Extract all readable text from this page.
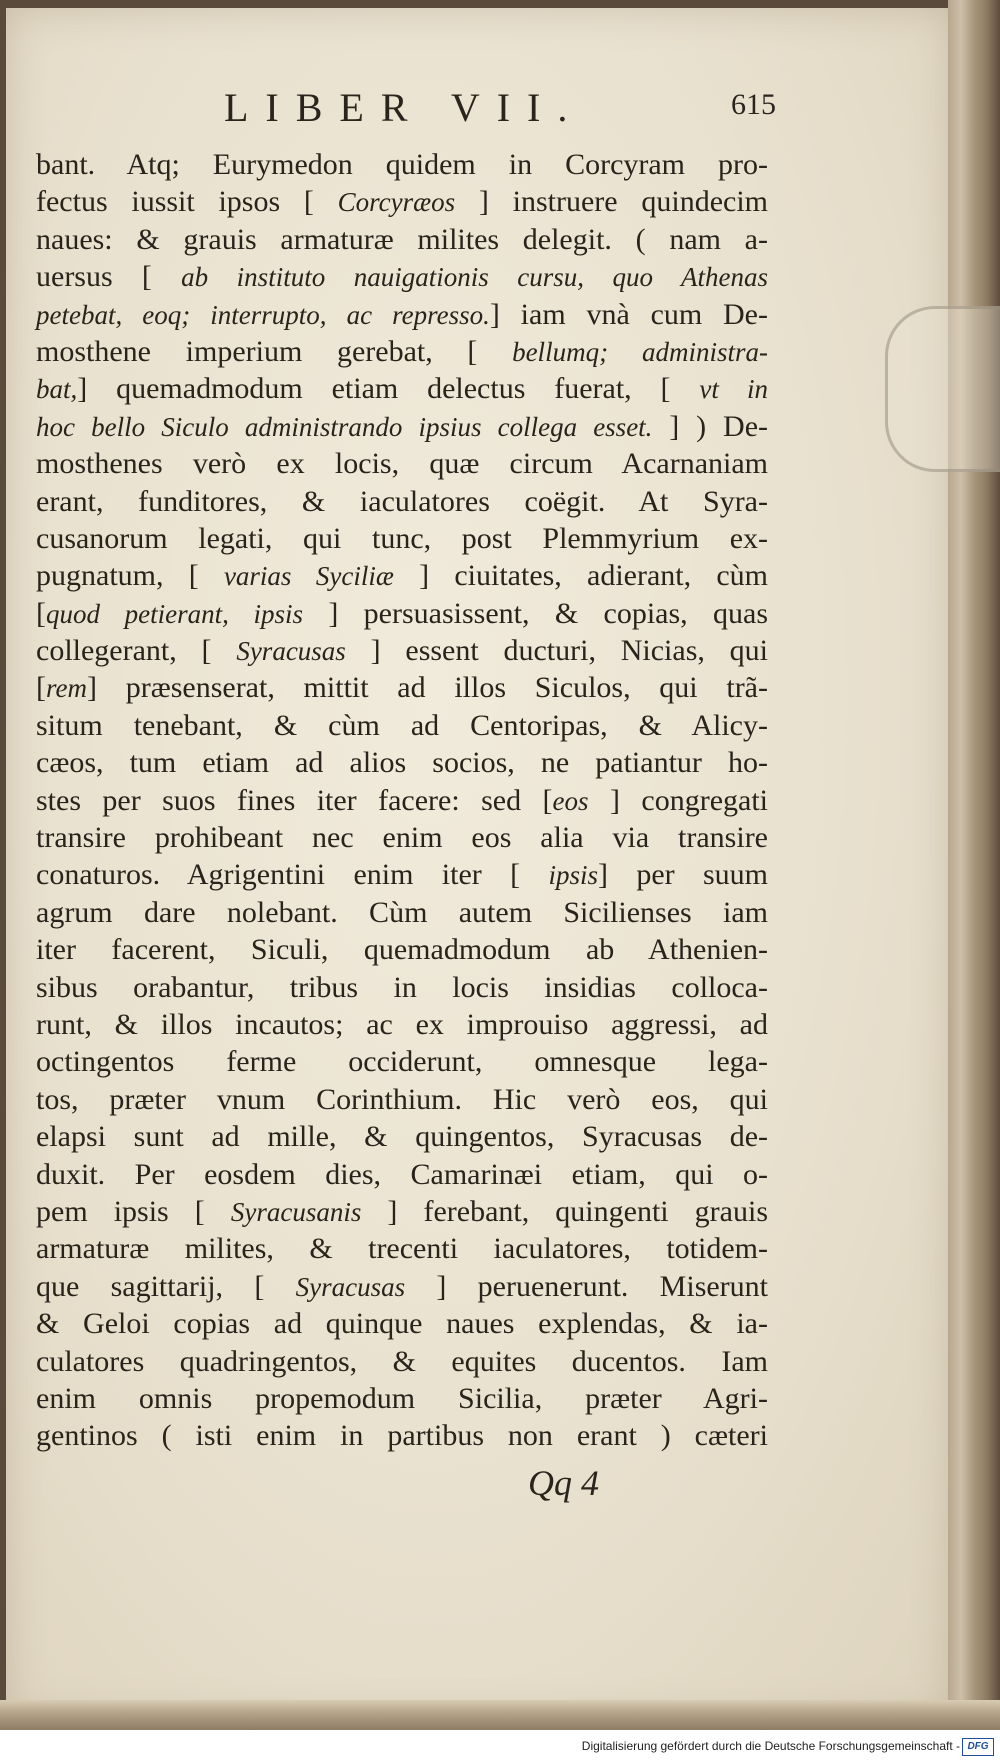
LIBER VII.	615
bant. Atq; Eurymedon quidem in Corcyram pro-
fectus iussit ipsos [ Corcyræos ] instruere quindecim
naues: & grauis armaturæ milites delegit. ( nam a-
uersus [ ab instituto nauigationis cursu, quo Athenas
petebat, eoq; interrupto, ac represso.] iam vnà cum De-
mosthene imperium gerebat, [ bellumq; administra-
bat,] quemadmodum etiam delectus fuerat, [ vt in
hoc bello Siculo administrando ipsius collega esset. ] ) De-
mosthenes verò ex locis, quæ circum Acarnaniam
erant, funditores, & iaculatores coëgit. At Syra-
cusanorum legati, qui tunc, post Plemmyrium ex-
pugnatum, [ varias Syciliæ ] ciuitates, adierant, cùm
[quod petierant, ipsis ] persuasissent, & copias, quas
collegerant, [ Syracusas ] essent ducturi, Nicias, qui
[rem] præsenserat, mittit ad illos Siculos, qui trã-
situm tenebant, & cùm ad Centoripas, & Alicy-
cæos, tum etiam ad alios socios, ne patiantur ho-
stes per suos fines iter facere: sed [eos ] congregati
transire prohibeant nec enim eos alia via transire
conaturos. Agrigentini enim iter [ ipsis] per suum
agrum dare nolebant. Cùm autem Sicilienses iam
iter facerent, Siculi, quemadmodum ab Athenien-
sibus orabantur, tribus in locis insidias colloca-
runt, & illos incautos; ac ex improuiso aggressi, ad
octingentos ferme occiderunt, omnesque lega-
tos, præter vnum Corinthium. Hic verò eos, qui
elapsi sunt ad mille, & quingentos, Syracusas de-
duxit. Per eosdem dies, Camarinæi etiam, qui o-
pem ipsis [ Syracusanis ] ferebant, quingenti grauis
armaturæ milites, & trecenti iaculatores, totidem-
que sagittarij, [ Syracusas ] peruenerunt. Miserunt
& Geloi copias ad quinque naues explendas, & ia-
culatores quadringentos, & equites ducentos. Iam
enim omnis propemodum Sicilia, præter Agri-
gentinos ( isti enim in partibus non erant ) cæteri
Qq 4
Digitalisierung gefördert durch die Deutsche Forschungsgemeinschaft - DFG
